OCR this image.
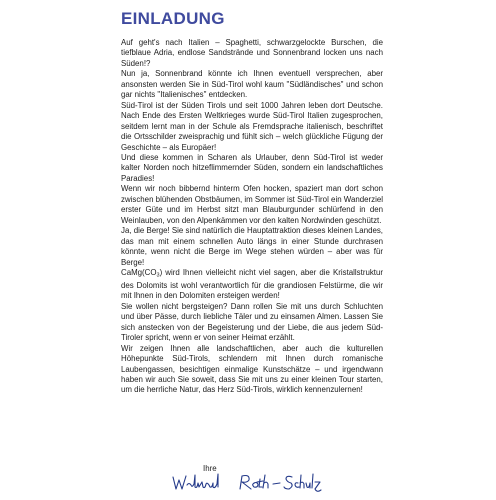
EINLADUNG

Auf geht's nach Italien – Spaghetti, schwarzgelockte Burschen, die tiefblaue Adria, endlose Sandstrände und Sonnenbrand locken uns nach Süden!?

Nun ja, Sonnenbrand könnte ich Ihnen eventuell versprechen, aber ansonsten werden Sie in Süd-Tirol wohl kaum "Südländisches" und schon gar nichts "Italienisches" entdecken.

Süd-Tirol ist der Süden Tirols und seit 1000 Jahren leben dort Deutsche. Nach Ende des Ersten Weltkrieges wurde Süd-Tirol Italien zugesprochen, seitdem lernt man in der Schule als Fremdsprache italienisch, beschriftet die Ortsschilder zweisprachig und fühlt sich – welch glückliche Fügung der Geschichte – als Europäer!

Und diese kommen in Scharen als Urlauber, denn Süd-Tirol ist weder kalter Norden noch hitzeflimmernder Süden, sondern ein landschaftliches Paradies!

Wenn wir noch bibbernd hinterm Ofen hocken, spaziert man dort schon zwischen blühenden Obstbäumen, im Sommer ist Süd-Tirol ein Wanderziel erster Güte und im Herbst sitzt man Blauburgunder schlürfend in den Weinlauben, von den Alpenkämmen vor den kalten Nordwinden geschützt.

Ja, die Berge! Sie sind natürlich die Hauptattraktion dieses kleinen Landes, das man mit einem schnellen Auto längs in einer Stunde durchrasen könnte, wenn nicht die Berge im Wege stehen würden – aber was für Berge!

$CaMg(CO_3)$ wird Ihnen vielleicht nicht viel sagen, aber die Kristallstruktur des Dolomits ist wohl verantwortlich für die grandiosen Felstürme, die wir mit Ihnen in den Dolomiten ersteigen werden!

Sie wollen nicht bergsteigen? Dann rollen Sie mit uns durch Schluchten und über Pässe, durch liebliche Täler und zu einsamen Almen. Lassen Sie sich anstecken von der Begeisterung und der Liebe, die aus jedem Süd-Tiroler spricht, wenn er von seiner Heimat erzählt.

Wir zeigen Ihnen alle landschaftlichen, aber auch die kulturellen Höhepunkte Süd-Tirols, schlendern mit Ihnen durch romanische Laubengassen, besichtigen einmalige Kunstschätze – und irgendwann haben wir auch Sie soweit, dass Sie mit uns zu einer kleinen Tour starten, um die herrliche Natur, das Herz Süd-Tirols, wirklich kennenzulernen!

Ihre
